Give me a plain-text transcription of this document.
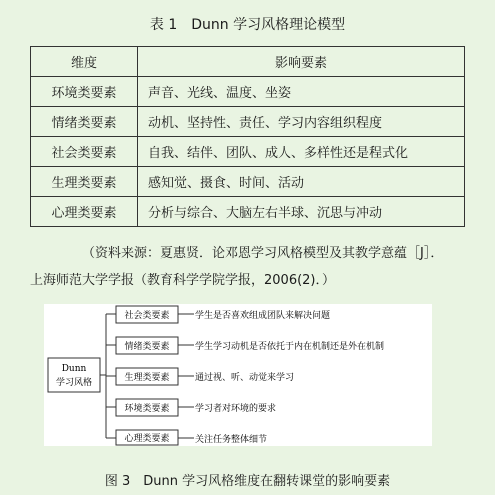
表 1　Dunn 学习风格理论模型
维度	影响要素
环境类要素	声音、光线、温度、坐姿
情绪类要素	动机、坚持性、责任、学习内容组织程度
社会类要素	自我、结伴、团队、成人、多样性还是程式化
生理类要素	感知觉、摄食、时间、活动
心理类要素	分析与综合、大脑左右半球、沉思与冲动
（资料来源：夏惠贤．论邓恩学习风格模型及其教学意蕴［J］．
上海师范大学学报（教育科学学院学报，2006(2)．）
Dunn
学习风格
社会类要素	学生是否喜欢组成团队来解决问题
情绪类要素	学生学习动机是否依托于内在机制还是外在机制
生理类要素	通过视、听、动觉来学习
环境类要素	学习者对环境的要求
心理类要素	关注任务整体细节
图 3　Dunn 学习风格维度在翻转课堂的影响要素
